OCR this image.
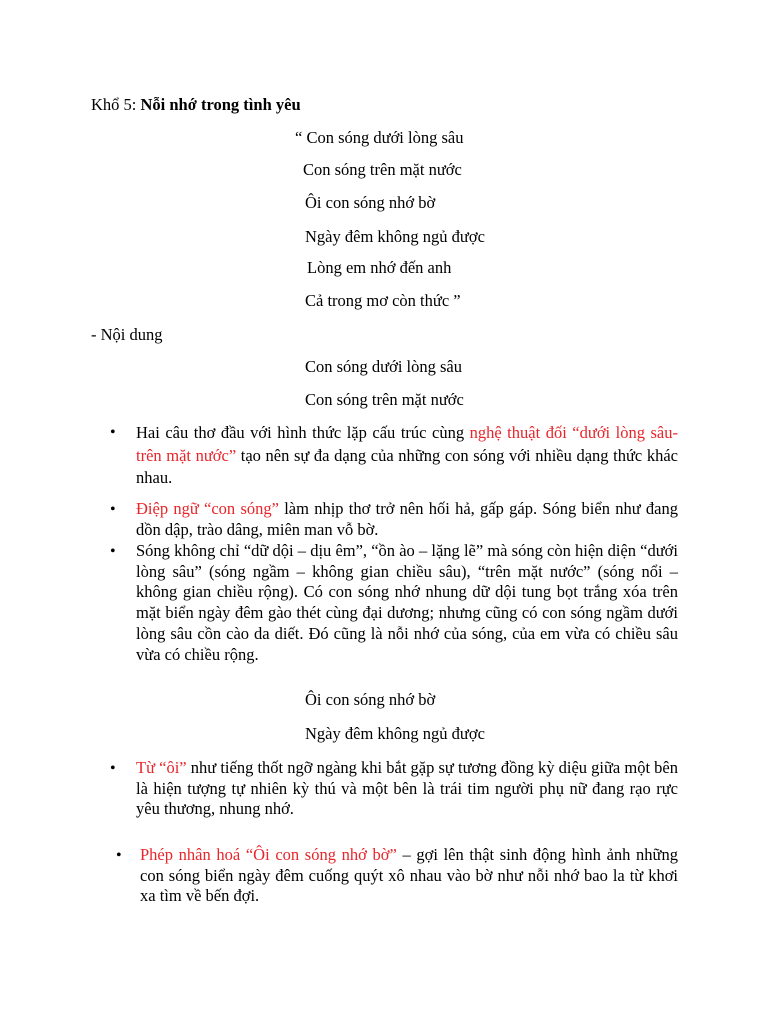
Khổ 5: Nỗi nhớ trong tình yêu
“ Con sóng dưới lòng sâu
Con sóng trên mặt nước
Ôi con sóng nhớ bờ
Ngày đêm không ngủ được
Lòng em nhớ đến anh
Cả trong mơ còn thức ”
- Nội dung
Con sóng dưới lòng sâu
Con sóng trên mặt nước
• Hai câu thơ đầu với hình thức lặp cấu trúc cùng nghệ thuật đối “dưới lòng sâu- trên mặt nước” tạo nên sự đa dạng của những con sóng với nhiều dạng thức khác nhau.
• Điệp ngữ “con sóng” làm nhịp thơ trở nên hối hả, gấp gáp. Sóng biển như đang dồn dập, trào dâng, miên man vỗ bờ.
• Sóng không chỉ “dữ dội – dịu êm”, “ồn ào – lặng lẽ” mà sóng còn hiện diện “dưới lòng sâu” (sóng ngầm – không gian chiều sâu), “trên mặt nước” (sóng nổi – không gian chiều rộng). Có con sóng nhớ nhung dữ dội tung bọt trắng xóa trên mặt biển ngày đêm gào thét cùng đại dương; nhưng cũng có con sóng ngầm dưới lòng sâu cồn cào da diết. Đó cũng là nỗi nhớ của sóng, của em vừa có chiều sâu vừa có chiều rộng.
Ôi con sóng nhớ bờ
Ngày đêm không ngủ được
• Từ “ôi” như tiếng thốt ngỡ ngàng khi bắt gặp sự tương đồng kỳ diệu giữa một bên là hiện tượng tự nhiên kỳ thú và một bên là trái tim người phụ nữ đang rạo rực yêu thương, nhung nhớ.
• Phép nhân hoá “Ôi con sóng nhớ bờ” – gợi lên thật sinh động hình ảnh những con sóng biển ngày đêm cuống quýt xô nhau vào bờ như nỗi nhớ bao la từ khơi xa tìm về bến đợi.
